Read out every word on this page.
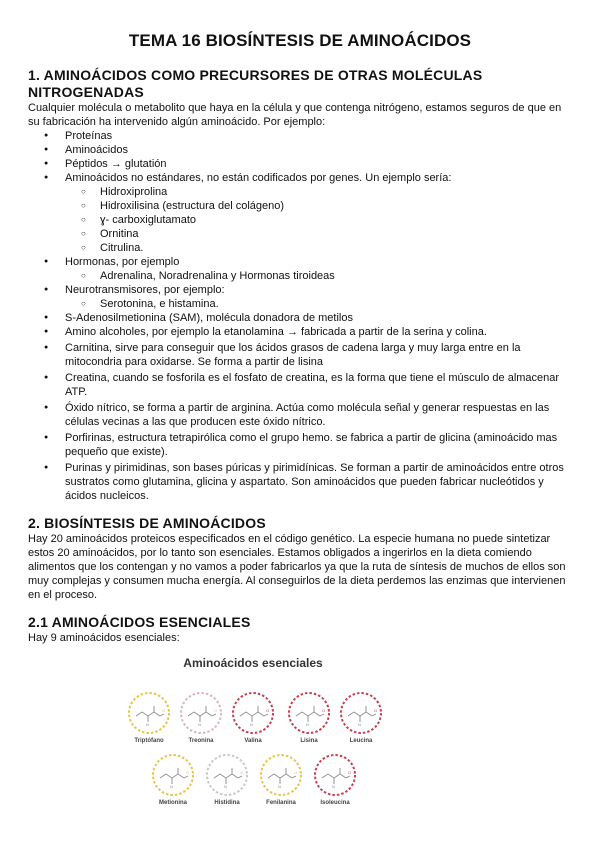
TEMA 16 BIOSÍNTESIS DE AMINOÁCIDOS
1. AMINOÁCIDOS COMO PRECURSORES DE OTRAS MOLÉCULAS NITROGENADAS

Cualquier molécula o metabolito que haya en la célula y que contenga nitrógeno, estamos seguros de que en su fabricación ha intervenido algún aminoácido. Por ejemplo:

● Proteínas
● Aminoácidos
● Péptidos → glutatión
● Aminoácidos no estándares, no están codificados por genes. Un ejemplo sería:
○ Hidroxiprolina
○ Hidroxilisina (estructura del colágeno)
○ ɣ- carboxiglutamato
○ Ornitina
○ Citrulina.
● Hormonas, por ejemplo
○ Adrenalina, Noradrenalina y Hormonas tiroideas
● Neurotransmisores, por ejemplo:
○ Serotonina, e histamina.
● S-Adenosilmetionina (SAM), molécula donadora de metilos
● Amino alcoholes, por ejemplo la etanolamina → fabricada a partir de la serina y colina.
● Carnitina, sirve para conseguir que los ácidos grasos de cadena larga y muy larga entre en la mitocondria para oxidarse. Se forma a partir de lisina
● Creatina, cuando se fosforila es el fosfato de creatina, es la forma que tiene el músculo de almacenar ATP.
● Óxido nítrico, se forma a partir de arginina. Actúa como molécula señal y generar respuestas en las células vecinas a las que producen este óxido nítrico.
● Porfirinas, estructura tetrapirólica como el grupo hemo. se fabrica a partir de glicina (aminoácido mas pequeño que existe).
● Purinas y pirimidinas, son bases púricas y pirimidínicas. Se forman a partir de aminoácidos entre otros sustratos como glutamina, glicina y aspartato. Son aminoácidos que pueden fabricar nucleótidos y ácidos nucleicos.
2. BIOSÍNTESIS DE AMINOÁCIDOS

Hay 20 aminoácidos proteicos especificados en el código genético. La especie humana no puede sintetizar estos 20 aminoácidos, por lo tanto son esenciales. Estamos obligados a ingerirlos en la dieta comiendo alimentos que los contengan y no vamos a poder fabricarlos ya que la ruta de síntesis de muchos de ellos son muy complejas y consumen mucha energía. Al conseguirlos de la dieta perdemos las enzimas que intervienen en el proceso.

2.1 AMINOÁCIDOS ESENCIALES

Hay 9 aminoácidos esenciales:

Aminoácidos esenciales
N
O
Triptófano
N
O
Treonina
N
O
Valina
N
O
Lisina
N
O
Leucina
N
O
Metionina
N
O
Histidina
N
O
Fenilanina
N
O
Isoleucina
